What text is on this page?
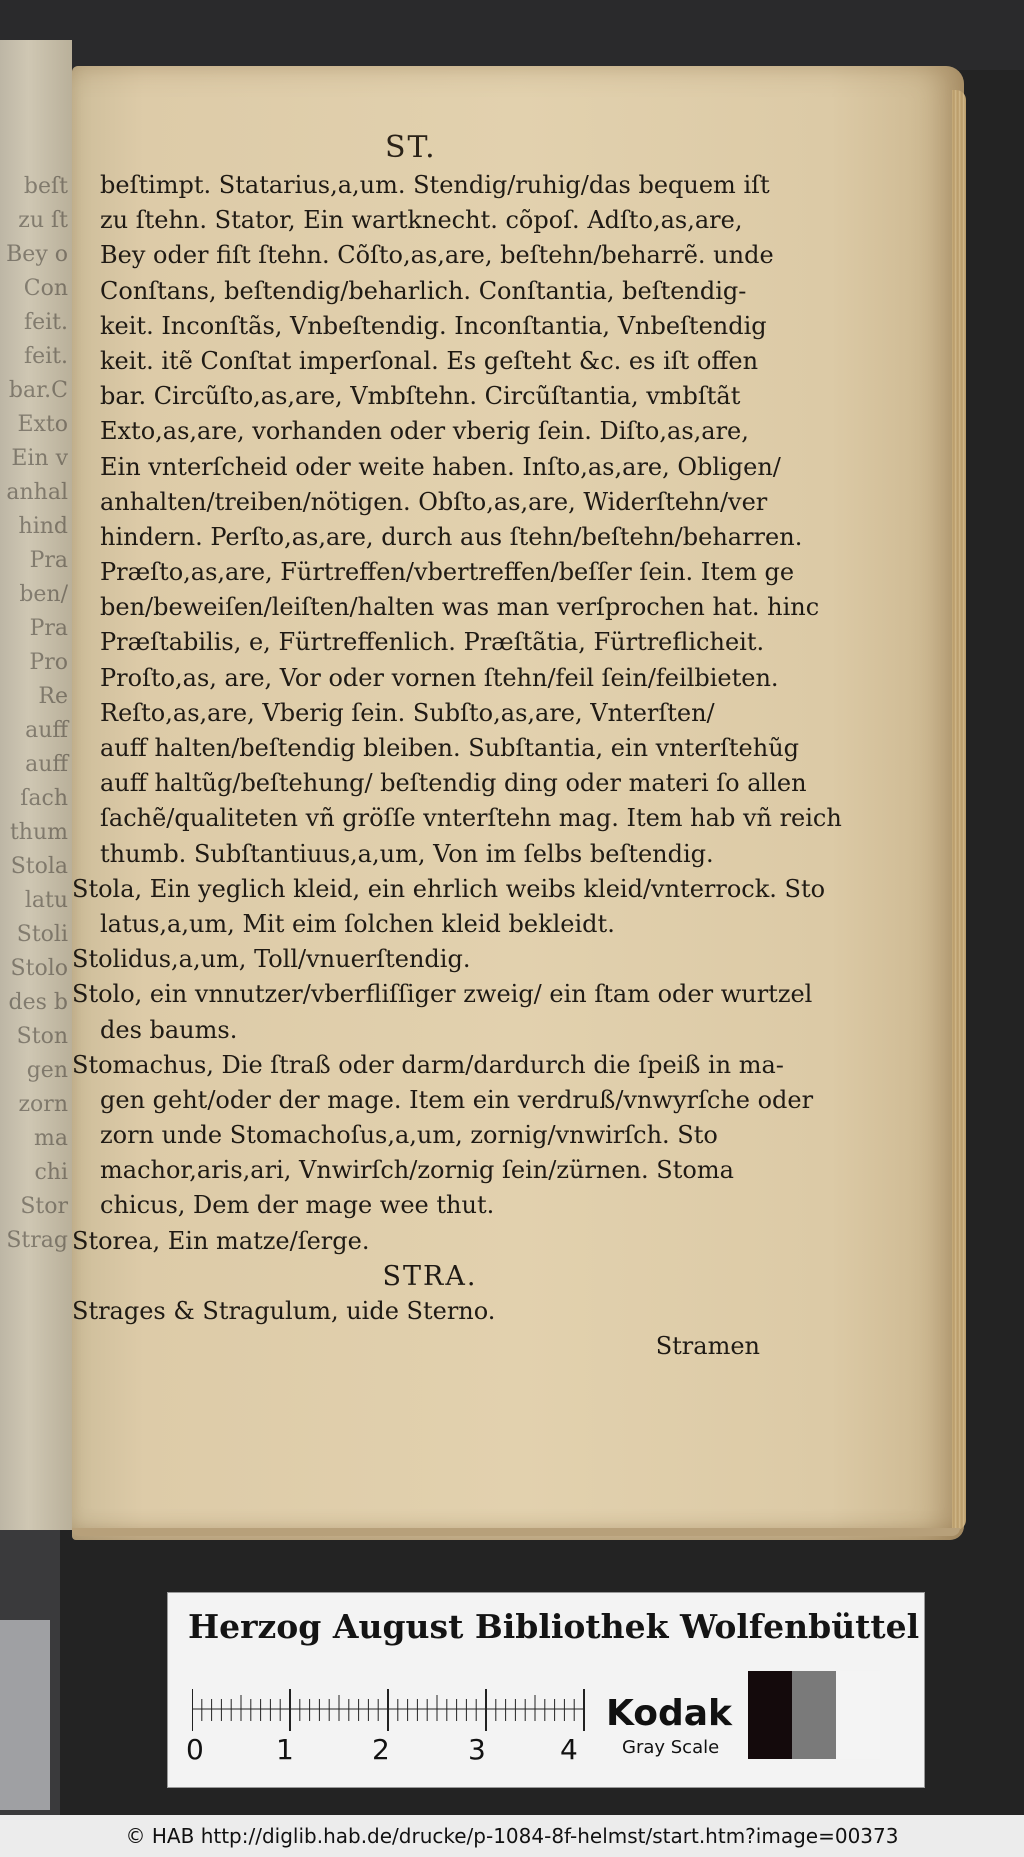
beſt
zu ſt
Bey o
Con
feit.
feit.
bar.C
Exto
Ein v
anhal
hind
Pra
ben/
Pra
Pro
Re
auff
auff
ſach
thum
Stola
latu
Stoli
Stolo
des b
Ston
gen
zorn
ma
chi
Stor
Strag
ST.
beſtimpt. Statarius,a,um. Stendig/ruhig/das bequem iſt
zu ſtehn. Stator, Ein wartknecht. cõpoſ. Adſto,as,are,
Bey oder fiſt ſtehn. Cõſto,as,are, beſtehn/beharrẽ. unde
Conſtans, beſtendig/beharlich. Conſtantia, beſtendig-
keit. Inconſtãs, Vnbeſtendig. Inconſtantia, Vnbeſtendig
keit. itẽ Conſtat imperſonal. Es geſteht &c. es iſt offen
bar. Circũſto,as,are, Vmbſtehn. Circũſtantia, vmbſtãt
Exto,as,are, vorhanden oder vberig ſein. Diſto,as,are,
Ein vnterſcheid oder weite haben. Inſto,as,are, Obligen/
anhalten/treiben/nötigen. Obſto,as,are, Widerſtehn/ver
hindern. Perſto,as,are, durch aus ſtehn/beſtehn/beharren.
Præſto,as,are, Fürtreffen/vbertreffen/beſſer ſein. Item ge
ben/beweiſen/leiſten/halten was man verſprochen hat. hinc
Præſtabilis, e, Fürtreffenlich. Præſtãtia, Fürtreflicheit.
Proſto,as, are, Vor oder vornen ſtehn/feil ſein/feilbieten.
Reſto,as,are, Vberig ſein. Subſto,as,are, Vnterſten/
auff halten/beſtendig bleiben. Subſtantia, ein vnterſtehũg
auff haltũg/beſtehung/ beſtendig ding oder materi ſo allen
ſachẽ/qualiteten vñ gröſſe vnterſtehn mag. Item hab vñ reich
thumb. Subſtantiuus,a,um, Von im ſelbs beſtendig.
Stola, Ein yeglich kleid, ein ehrlich weibs kleid/vnterrock. Sto
latus,a,um, Mit eim ſolchen kleid bekleidt.
Stolidus,a,um, Toll/vnuerſtendig.
Stolo, ein vnnutzer/vberfliſſiger zweig/ ein ſtam oder wurtzel
des baums.
Stomachus, Die ſtraß oder darm/dardurch die ſpeiß in ma-
gen geht/oder der mage. Item ein verdruß/vnwyrſche oder
zorn unde Stomachoſus,a,um, zornig/vnwirſch. Sto
machor,aris,ari, Vnwirſch/zornig ſein/zürnen. Stoma
chicus, Dem der mage wee thut.
Storea, Ein matze/ſerge.
STRA.
Strages & Stragulum, uide Sterno.
Stramen
Herzog August Bibliothek Wolfenbüttel
0	1	2	3	4
Kodak
Gray Scale
© HAB http://diglib.hab.de/drucke/p-1084-8f-helmst/start.htm?image=00373
